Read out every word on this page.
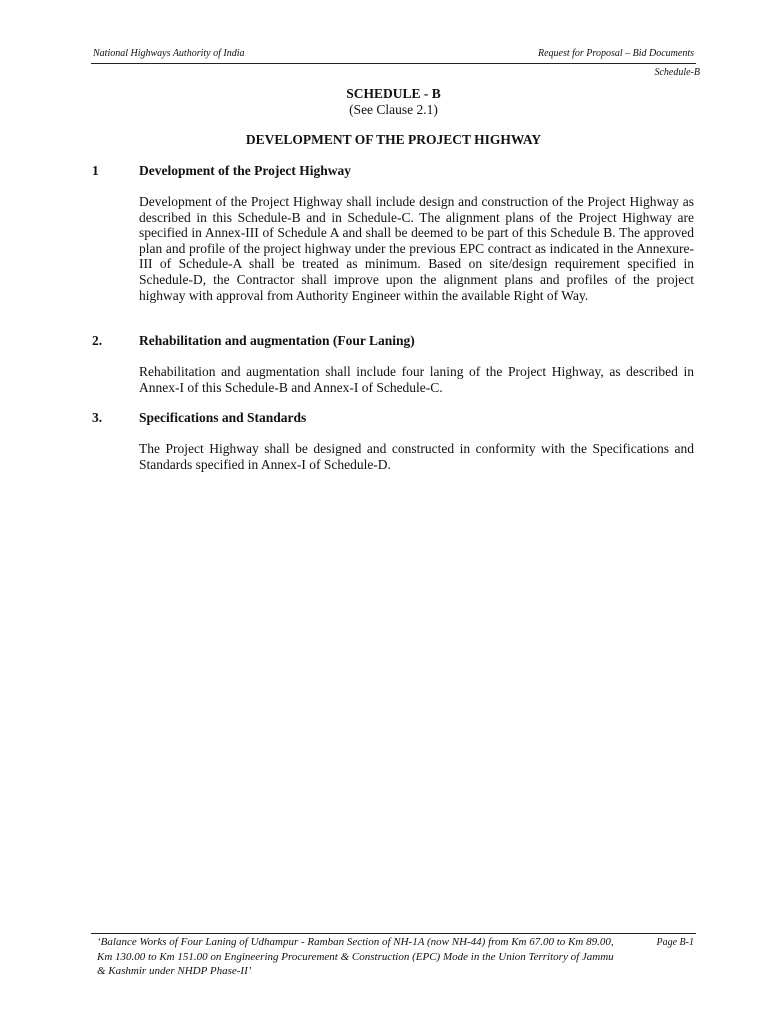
National Highways Authority of India	Request for Proposal – Bid Documents
Schedule-B
SCHEDULE - B
(See Clause 2.1)
DEVELOPMENT OF THE PROJECT HIGHWAY
1	Development of the Project Highway

Development of the Project Highway shall include design and construction of the Project Highway as described in this Schedule-B and in Schedule-C. The alignment plans of the Project Highway are specified in Annex-III of Schedule A and shall be deemed to be part of this Schedule B. The approved plan and profile of the project highway under the previous EPC contract as indicated in the Annexure-III of Schedule-A shall be treated as minimum. Based on site/design requirement specified in Schedule-D, the Contractor shall improve upon the alignment plans and profiles of the project highway with approval from Authority Engineer within the available Right of Way.

2.	Rehabilitation and augmentation (Four Laning)

Rehabilitation and augmentation shall include four laning of the Project Highway, as described in Annex-I of this Schedule-B and Annex-I of Schedule-C.

3.	Specifications and Standards

The Project Highway shall be designed and constructed in conformity with the Specifications and Standards specified in Annex-I of Schedule-D.

‘Balance Works of Four Laning of Udhampur - Ramban Section of NH-1A (now NH-44) from Km 67.00 to Km 89.00, Km 130.00 to Km 151.00 on Engineering Procurement & Construction (EPC) Mode in the Union Territory of Jammu & Kashmir under NHDP Phase-II’
Page B-1
